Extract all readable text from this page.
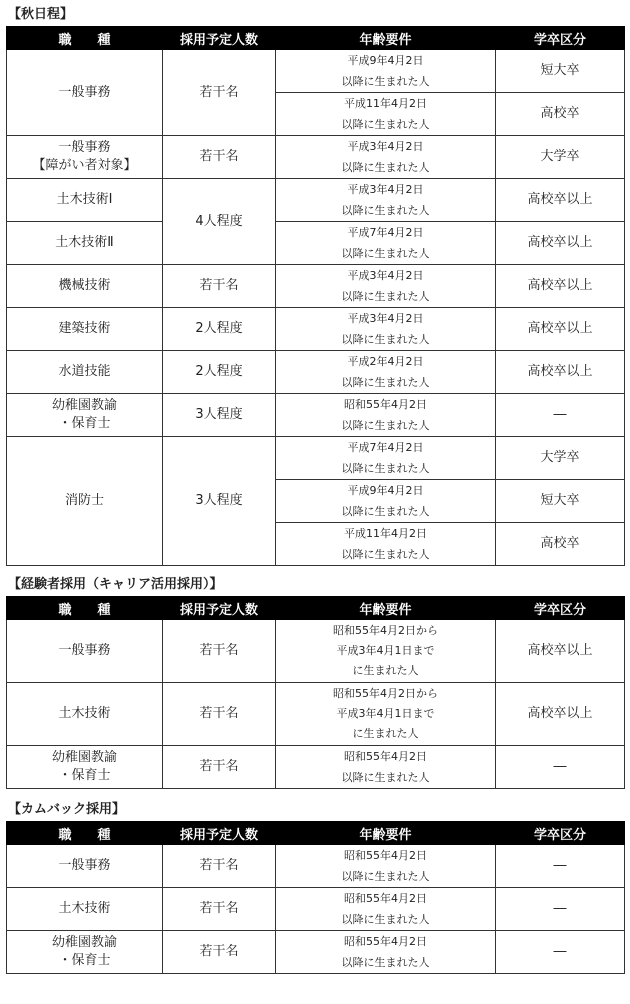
【秋日程】
職　　種	採用予定人数	年齢要件	学卒区分
一般事務	若干名	平成9年4月2日
以降に生まれた人	短大卒

		平成11年4月2日
以降に生まれた人	高校卒

一般事務
【障がい者対象】	若干名	平成3年4月2日
以降に生まれた人	大学卒
土木技術Ⅰ	4人程度	平成3年4月2日
以降に生まれた人	高校卒以上
土木技術Ⅱ		平成7年4月2日
以降に生まれた人	高校卒以上
機械技術	若干名	平成3年4月2日
以降に生まれた人	高校卒以上
建築技術	2人程度	平成3年4月2日
以降に生まれた人	高校卒以上
水道技能	2人程度	平成2年4月2日
以降に生まれた人	高校卒以上

幼稚園教諭
・保育士	3人程度	昭和55年4月2日
以降に生まれた人	―
消防士	3人程度	平成7年4月2日
以降に生まれた人	大学卒

		平成9年4月2日
以降に生まれた人	短大卒

		平成11年4月2日
以降に生まれた人	高校卒
【経験者採用（キャリア活用採用）】
職　　種	採用予定人数	年齢要件	学卒区分
一般事務	若干名	昭和55年4月2日から
平成3年4月1日まで
に生まれた人	高校卒以上
土木技術	若干名	昭和55年4月2日から
平成3年4月1日まで
に生まれた人	高校卒以上

幼稚園教諭
・保育士	若干名	昭和55年4月2日
以降に生まれた人	―
【カムバック採用】
職　　種	採用予定人数	年齢要件	学卒区分
一般事務	若干名	昭和55年4月2日
以降に生まれた人	―
土木技術	若干名	昭和55年4月2日
以降に生まれた人	―

幼稚園教諭
・保育士	若干名	昭和55年4月2日
以降に生まれた人	―
